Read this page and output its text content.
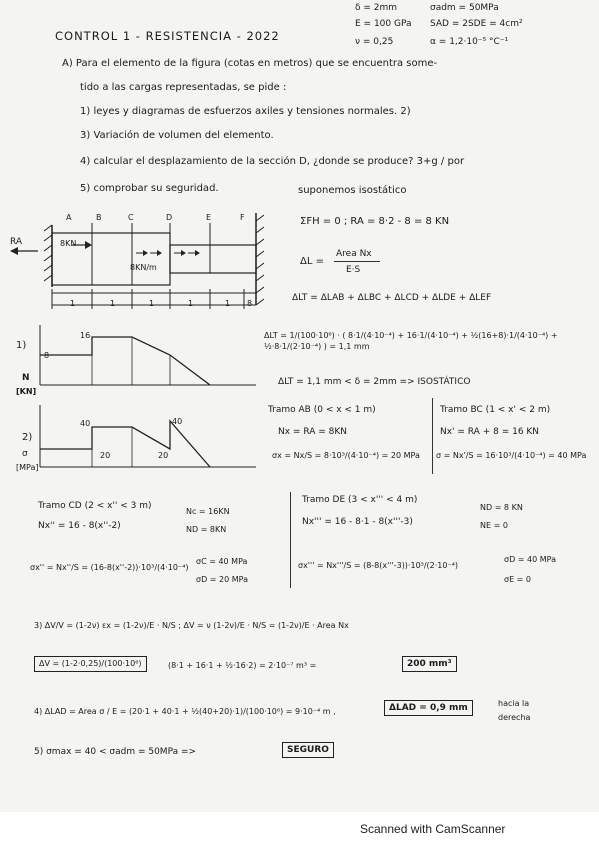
δ = 2mm	σadm = 50MPa
E = 100 GPa SAD = 2SDE = 4cm²
ν = 0,25	α = 1,2·10⁻⁵ °C⁻¹
CONTROL 1 - RESISTENCIA - 2022
A) Para el elemento de la figura (cotas en metros) que se encuentra some-
tido a las cargas representadas, se pide :
1) leyes y diagramas de esfuerzos axiles y tensiones normales. 2)
3) Variación de volumen del elemento.
4) calcular el desplazamiento de la sección D, ¿donde se produce? 3+g / por
5) comprobar su seguridad.	suponemos isostático
A	B	C	D	E	F
RA	8KN
8KN/m
1	1	1	1	1 8
1)
8
16
N
[KN]
2)
σ
[MPa]
40
20	20
40
ΣFH = 0 ; RA = 8·2 - 8 = 8 KN
ΔL =
Area Nx
E·S
ΔLT = ΔLAB + ΔLBC + ΔLCD + ΔLDE + ΔLEF
ΔLT = 1/(100·10⁶) · ( 8·1/(4·10⁻⁴) + 16·1/(4·10⁻⁴) + ½(16+8)·1/(4·10⁻⁴) + ½·8·1/(2·10⁻⁴) ) = 1,1 mm
ΔLT = 1,1 mm < δ = 2mm => ISOSTÁTICO
Tramo AB (0 < x < 1 m)
Nx = RA = 8KN
σx = Nx/S = 8·10³/(4·10⁻⁴) = 20 MPa
Tramo BC (1 < x' < 2 m)
Nx' = RA + 8 = 16 KN
σ = Nx'/S = 16·10³/(4·10⁻⁴) = 40 MPa
Tramo CD (2 < x'' < 3 m)
Nx'' = 16 - 8(x''-2)
Nc = 16KN
ND = 8KN
σx'' = Nx''/S = (16-8(x''-2))·10³/(4·10⁻⁴)
σC = 40 MPa
σD = 20 MPa
Tramo DE (3 < x''' < 4 m)
Nx''' = 16 - 8·1 - 8(x'''-3)
ND = 8 KN
NE = 0
σx''' = Nx'''/S = (8-8(x'''-3))·10³/(2·10⁻⁴)
σD = 40 MPa
σE = 0
3) ΔV/V = (1-2ν) εx = (1-2ν)/E · N/S ; ΔV = ν (1-2ν)/E · N/S = (1-2ν)/E · Area Nx
ΔV = (1-2·0,25)/(100·10⁶)	(8·1 + 16·1 + ½·16·2) = 2·10⁻⁷ m³ =	200 mm³
4) ΔLAD = Area σ / E = (20·1 + 40·1 + ½(40+20)·1)/(100·10⁶) = 9·10⁻⁴ m ,	ΔLAD = 0,9 mm	hacia la
derecha
5) σmax = 40 < σadm = 50MPa =>	SEGURO
Scanned with CamScanner
